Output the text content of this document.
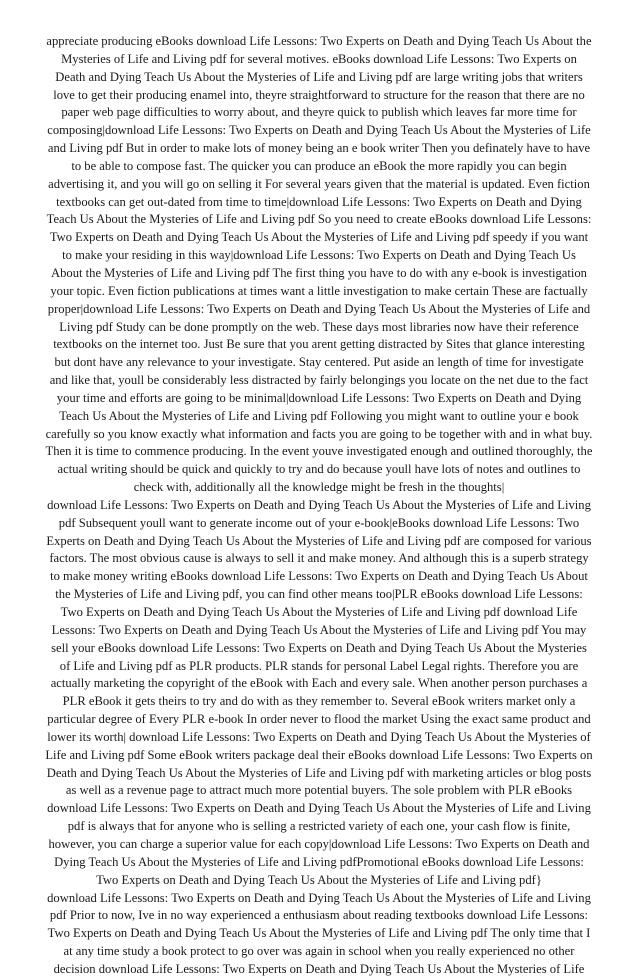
appreciate producing eBooks download Life Lessons: Two Experts on Death and Dying Teach Us About the
Mysteries of Life and Living pdf for several motives. eBooks download Life Lessons: Two Experts on
Death and Dying Teach Us About the Mysteries of Life and Living pdf are large writing jobs that writers
love to get their producing enamel into, theyre straightforward to structure for the reason that there are no
paper web page difficulties to worry about, and theyre quick to publish which leaves far more time for
composing|download Life Lessons: Two Experts on Death and Dying Teach Us About the Mysteries of Life
and Living pdf But in order to make lots of money being an e book writer Then you definately have to have
to be able to compose fast. The quicker you can produce an eBook the more rapidly you can begin
advertising it, and you will go on selling it For several years given that the material is updated. Even fiction
textbooks can get out-dated from time to time|download Life Lessons: Two Experts on Death and Dying
Teach Us About the Mysteries of Life and Living pdf So you need to create eBooks download Life Lessons:
Two Experts on Death and Dying Teach Us About the Mysteries of Life and Living pdf speedy if you want
to make your residing in this way|download Life Lessons: Two Experts on Death and Dying Teach Us
About the Mysteries of Life and Living pdf The first thing you have to do with any e-book is investigation
your topic. Even fiction publications at times want a little investigation to make certain These are factually
proper|download Life Lessons: Two Experts on Death and Dying Teach Us About the Mysteries of Life and
Living pdf Study can be done promptly on the web. These days most libraries now have their reference
textbooks on the internet too. Just Be sure that you arent getting distracted by Sites that glance interesting
but dont have any relevance to your investigate. Stay centered. Put aside an length of time for investigate
and like that, youll be considerably less distracted by fairly belongings you locate on the net due to the fact
your time and efforts are going to be minimal|download Life Lessons: Two Experts on Death and Dying
Teach Us About the Mysteries of Life and Living pdf Following you might want to outline your e book
carefully so you know exactly what information and facts you are going to be together with and in what buy.
Then it is time to commence producing. In the event youve investigated enough and outlined thoroughly, the
actual writing should be quick and quickly to try and do because youll have lots of notes and outlines to
check with, additionally all the knowledge might be fresh in the thoughts|
download Life Lessons: Two Experts on Death and Dying Teach Us About the Mysteries of Life and Living
pdf Subsequent youll want to generate income out of your e-book|eBooks download Life Lessons: Two
Experts on Death and Dying Teach Us About the Mysteries of Life and Living pdf are composed for various
factors. The most obvious cause is always to sell it and make money. And although this is a superb strategy
to make money writing eBooks download Life Lessons: Two Experts on Death and Dying Teach Us About
the Mysteries of Life and Living pdf, you can find other means too|PLR eBooks download Life Lessons:
Two Experts on Death and Dying Teach Us About the Mysteries of Life and Living pdf download Life
Lessons: Two Experts on Death and Dying Teach Us About the Mysteries of Life and Living pdf You may
sell your eBooks download Life Lessons: Two Experts on Death and Dying Teach Us About the Mysteries
of Life and Living pdf as PLR products. PLR stands for personal Label Legal rights. Therefore you are
actually marketing the copyright of the eBook with Each and every sale. When another person purchases a
PLR eBook it gets theirs to try and do with as they remember to. Several eBook writers market only a
particular degree of Every PLR e-book In order never to flood the market Using the exact same product and
lower its worth| download Life Lessons: Two Experts on Death and Dying Teach Us About the Mysteries of
Life and Living pdf Some eBook writers package deal their eBooks download Life Lessons: Two Experts on
Death and Dying Teach Us About the Mysteries of Life and Living pdf with marketing articles or blog posts
as well as a revenue page to attract much more potential buyers. The sole problem with PLR eBooks
download Life Lessons: Two Experts on Death and Dying Teach Us About the Mysteries of Life and Living
pdf is always that for anyone who is selling a restricted variety of each one, your cash flow is finite,
however, you can charge a superior value for each copy|download Life Lessons: Two Experts on Death and
Dying Teach Us About the Mysteries of Life and Living pdfPromotional eBooks download Life Lessons:
Two Experts on Death and Dying Teach Us About the Mysteries of Life and Living pdf}
download Life Lessons: Two Experts on Death and Dying Teach Us About the Mysteries of Life and Living
pdf Prior to now, Ive in no way experienced a enthusiasm about reading textbooks download Life Lessons:
Two Experts on Death and Dying Teach Us About the Mysteries of Life and Living pdf The only time that I
at any time study a book protect to go over was again in school when you really experienced no other
decision download Life Lessons: Two Experts on Death and Dying Teach Us About the Mysteries of Life
